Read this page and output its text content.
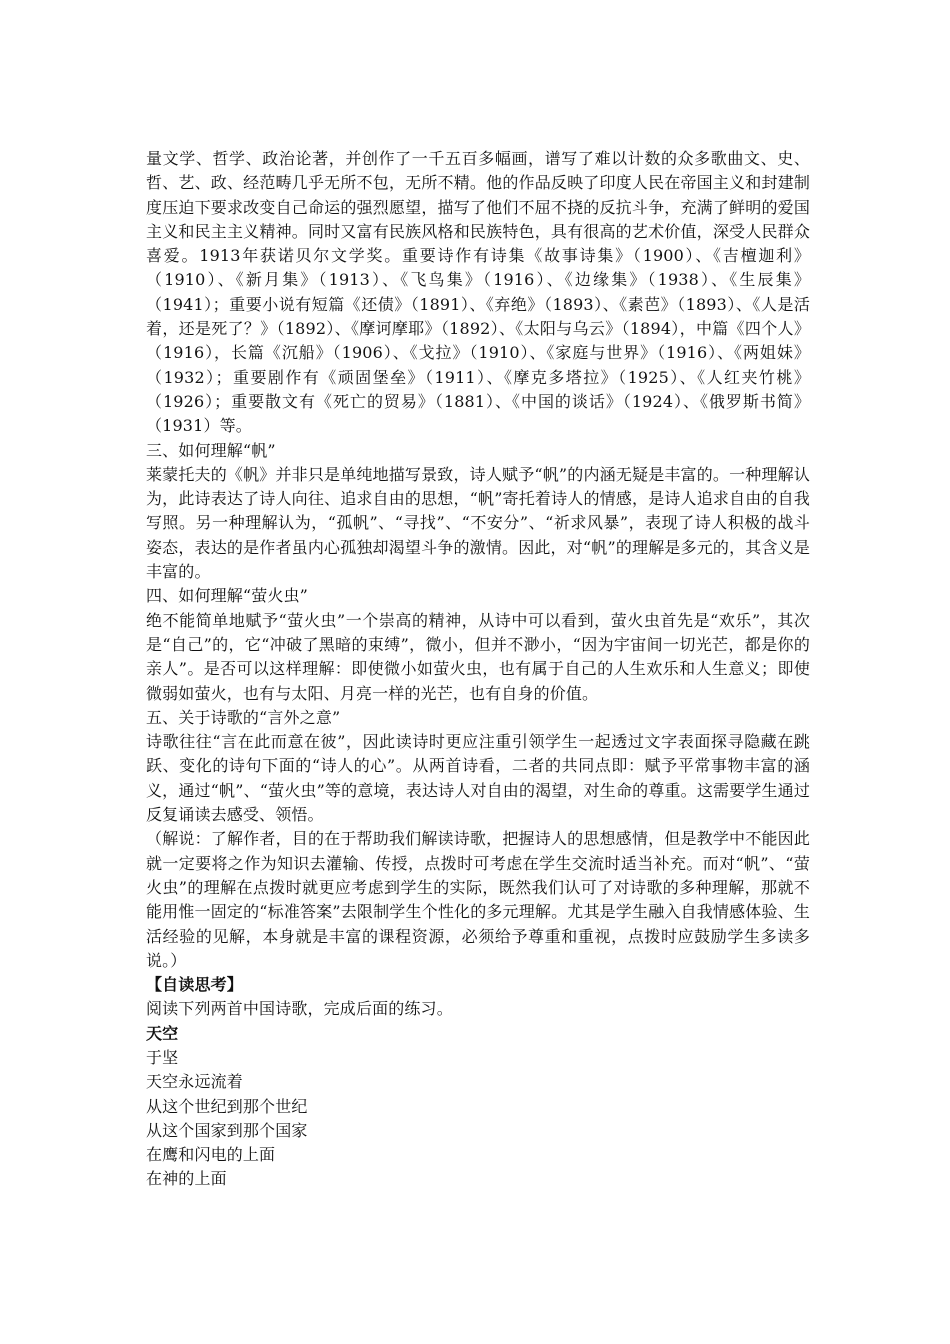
量文学、哲学、政治论著，并创作了一千五百多幅画，谱写了难以计数的众多歌曲文、史、哲、艺、政、经范畴几乎无所不包，无所不精。他的作品反映了印度人民在帝国主义和封建制度压迫下要求改变自己命运的强烈愿望，描写了他们不屈不挠的反抗斗争，充满了鲜明的爱国主义和民主主义精神。同时又富有民族风格和民族特色，具有很高的艺术价值，深受人民群众喜爱。1913年获诺贝尔文学奖。重要诗作有诗集《故事诗集》（1900）、《吉檀迦利》（1910）、《新月集》（1913）、《飞鸟集》（1916）、《边缘集》（1938）、《生辰集》（1941）；重要小说有短篇《还债》（1891）、《弃绝》（1893）、《素芭》（1893）、《人是活着，还是死了？》（1892）、《摩诃摩耶》（1892）、《太阳与乌云》（1894），中篇《四个人》（1916），长篇《沉船》（1906）、《戈拉》（1910）、《家庭与世界》（1916）、《两姐妹》（1932）；重要剧作有《顽固堡垒》（1911）、《摩克多塔拉》（1925）、《人红夹竹桃》（1926）；重要散文有《死亡的贸易》（1881）、《中国的谈话》（1924）、《俄罗斯书简》（1931）等。

三、如何理解“帆”

莱蒙托夫的《帆》并非只是单纯地描写景致，诗人赋予“帆”的内涵无疑是丰富的。一种理解认为，此诗表达了诗人向往、追求自由的思想，“帆”寄托着诗人的情感，是诗人追求自由的自我写照。另一种理解认为，“孤帆”、“寻找”、“不安分”、“祈求风暴”，表现了诗人积极的战斗姿态，表达的是作者虽内心孤独却渴望斗争的激情。因此，对“帆”的理解是多元的，其含义是丰富的。

四、如何理解“萤火虫”

绝不能简单地赋予“萤火虫”一个崇高的精神，从诗中可以看到，萤火虫首先是“欢乐”，其次是“自己”的，它“冲破了黑暗的束缚”，微小，但并不渺小，“因为宇宙间一切光芒，都是你的亲人”。是否可以这样理解：即使微小如萤火虫，也有属于自己的人生欢乐和人生意义；即使微弱如萤火，也有与太阳、月亮一样的光芒，也有自身的价值。

五、关于诗歌的“言外之意”

诗歌往往“言在此而意在彼”，因此读诗时更应注重引领学生一起透过文字表面探寻隐藏在跳跃、变化的诗句下面的“诗人的心”。从两首诗看，二者的共同点即：赋予平常事物丰富的涵义，通过“帆”、“萤火虫”等的意境，表达诗人对自由的渴望，对生命的尊重。这需要学生通过反复诵读去感受、领悟。

（解说：了解作者，目的在于帮助我们解读诗歌，把握诗人的思想感情，但是教学中不能因此就一定要将之作为知识去灌输、传授，点拨时可考虑在学生交流时适当补充。而对“帆”、“萤火虫”的理解在点拨时就更应考虑到学生的实际，既然我们认可了对诗歌的多种理解，那就不能用惟一固定的“标准答案”去限制学生个性化的多元理解。尤其是学生融入自我情感体验、生活经验的见解，本身就是丰富的课程资源，必须给予尊重和重视，点拨时应鼓励学生多读多说。）

【自读思考】

阅读下列两首中国诗歌，完成后面的练习。

天空

于坚

天空永远流着

从这个世纪到那个世纪

从这个国家到那个国家

在鹰和闪电的上面

在神的上面
